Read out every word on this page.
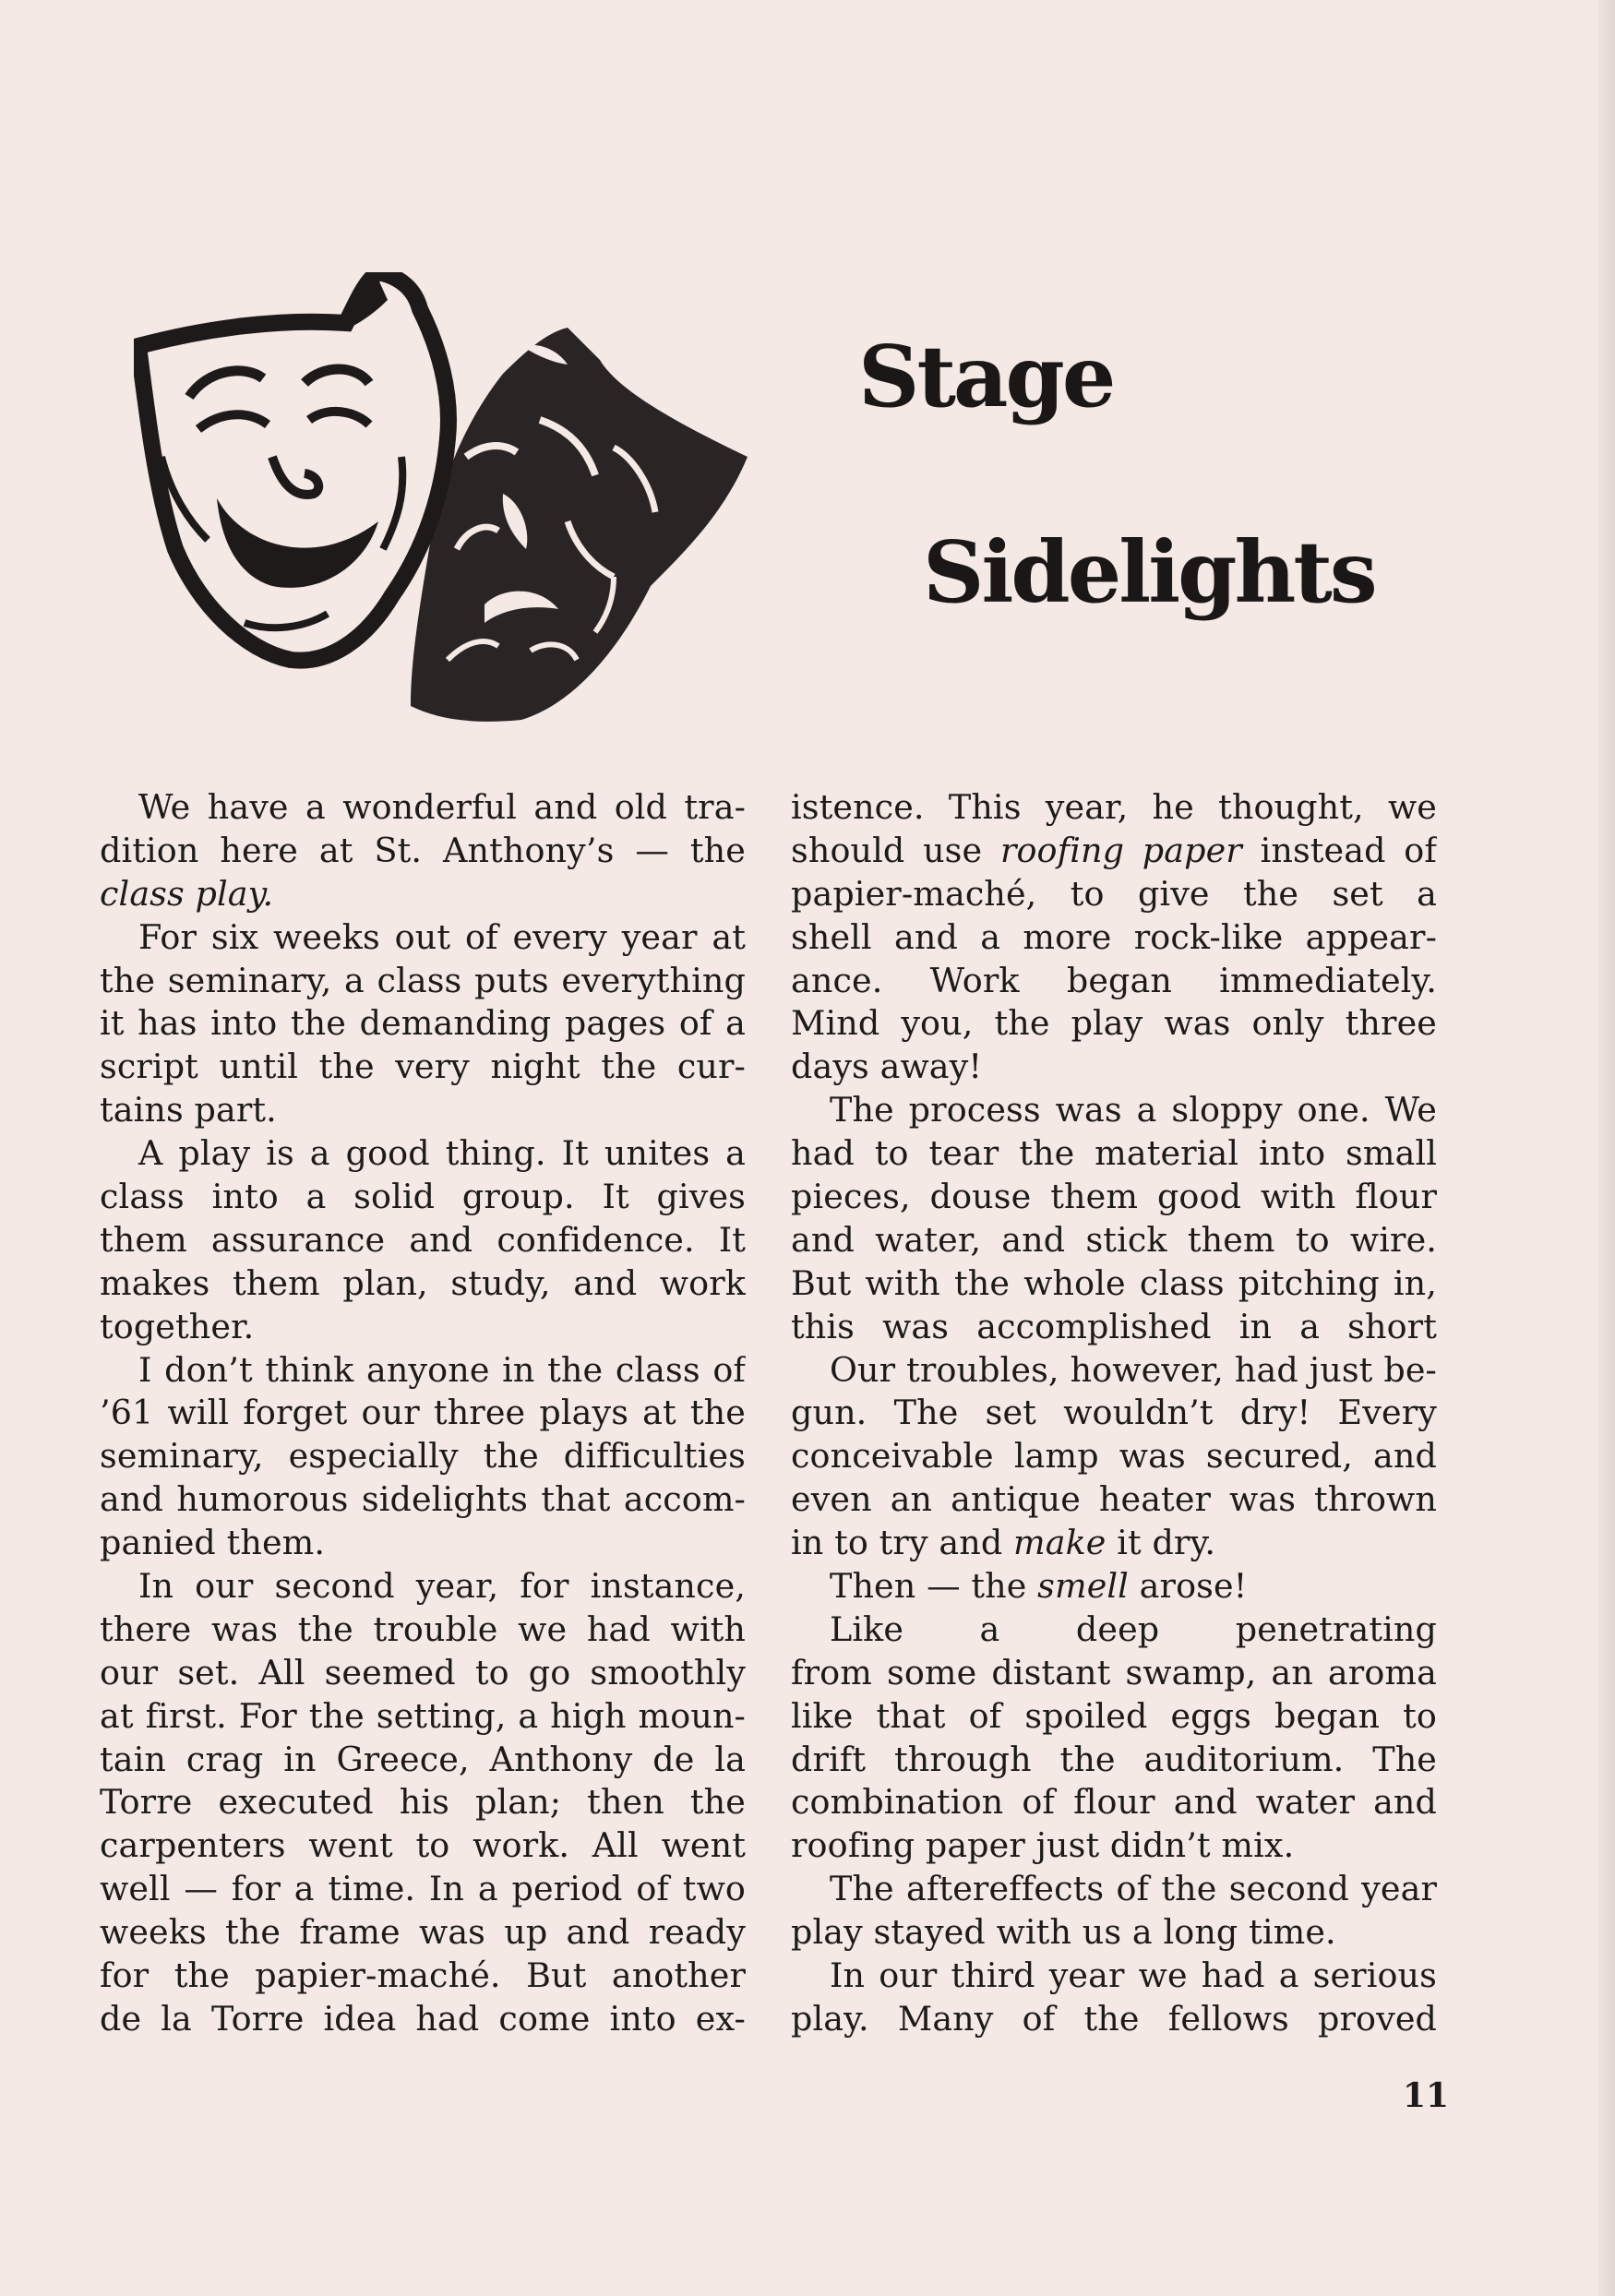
Stage
Sidelights
We have a wonderful and old tra-
dition here at St. Anthony’s — the
class play.
For six weeks out of every year at
the seminary, a class puts everything
it has into the demanding pages of a
script until the very night the cur-
tains part.
A play is a good thing. It unites a
class into a solid group. It gives
them assurance and confidence. It
makes them plan, study, and work
together.
I don’t think anyone in the class of
’61 will forget our three plays at the
seminary, especially the difficulties
and humorous sidelights that accom-
panied them.
In our second year, for instance,
there was the trouble we had with
our set. All seemed to go smoothly
at first. For the setting, a high moun-
tain crag in Greece, Anthony de la
Torre executed his plan; then the
carpenters went to work. All went
well — for a time. In a period of two
weeks the frame was up and ready
for the papier-maché. But another
de la Torre idea had come into ex-
istence. This year, he thought, we
should use roofing paper instead of
papier-maché, to give the set a
shell and a more rock-like appear-
ance. Work began immediately.
Mind you, the play was only three
days away!
The process was a sloppy one. We
had to tear the material into small
pieces, douse them good with flour
and water, and stick them to wire.
But with the whole class pitching in,
this was accomplished in a short
Our troubles, however, had just be-
gun. The set wouldn’t dry! Every
conceivable lamp was secured, and
even an antique heater was thrown
in to try and make it dry.
Then — the smell arose!
Like a deep penetrating
from some distant swamp, an aroma
like that of spoiled eggs began to
drift through the auditorium. The
combination of flour and water and
roofing paper just didn’t mix.
The aftereffects of the second year
play stayed with us a long time.
In our third year we had a serious
play. Many of the fellows proved
11
